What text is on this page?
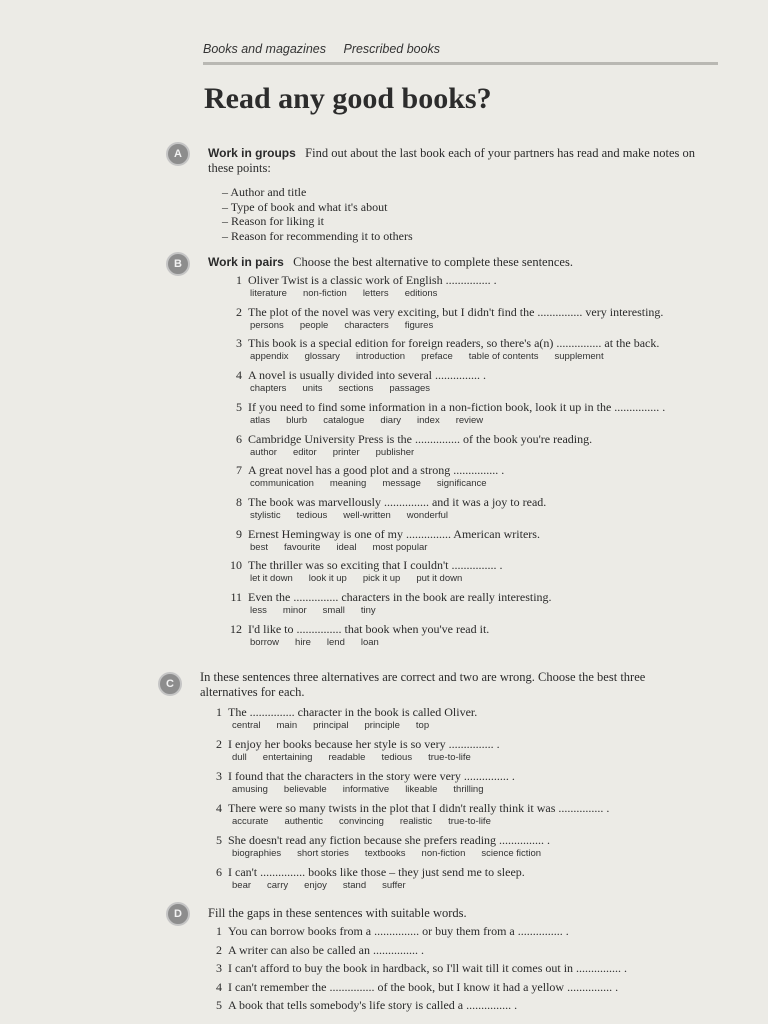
Books and magazines Prescribed books
Read any good books?
A	Work in groups Find out about the last book each of your partners has read and make notes on these points:
– Author and title
– Type of book and what it's about
– Reason for liking it
– Reason for recommending it to others
B	Work in pairs Choose the best alternative to complete these sentences.
1 Oliver Twist is a classic work of English ............... .
literature non-fiction letters editions
2 The plot of the novel was very exciting, but I didn't find the ............... very interesting.
persons people characters figures
3 This book is a special edition for foreign readers, so there's a(n) ............... at the back.
appendix glossary introduction preface table of contents supplement
4 A novel is usually divided into several ............... .
chapters units sections passages
5 If you need to find some information in a non-fiction book, look it up in the ............... .
atlas blurb catalogue diary index review
6 Cambridge University Press is the ............... of the book you're reading.
author editor printer publisher
7 A great novel has a good plot and a strong ............... .
communication meaning message significance
8 The book was marvellously ............... and it was a joy to read.
stylistic tedious well-written wonderful
9 Ernest Hemingway is one of my ............... American writers.
best favourite ideal most popular
10 The thriller was so exciting that I couldn't ............... .
let it down look it up pick it up put it down
11 Even the ............... characters in the book are really interesting.
less minor small tiny
12 I'd like to ............... that book when you've read it.
borrow hire lend loan
C	In these sentences three alternatives are correct and two are wrong. Choose the best three alternatives for each.
1 The ............... character in the book is called Oliver.
central main principal principle top
2 I enjoy her books because her style is so very ............... .
dull entertaining readable tedious true-to-life
3 I found that the characters in the story were very ............... .
amusing believable informative likeable thrilling
4 There were so many twists in the plot that I didn't really think it was ............... .
accurate authentic convincing realistic true-to-life
5 She doesn't read any fiction because she prefers reading ............... .
biographies short stories textbooks non-fiction science fiction
6 I can't ............... books like those – they just send me to sleep.
bear carry enjoy stand suffer
D	Fill the gaps in these sentences with suitable words.
1 You can borrow books from a ............... or buy them from a ............... .
2 A writer can also be called an ............... .
3 I can't afford to buy the book in hardback, so I'll wait till it comes out in ............... .
4 I can't remember the ............... of the book, but I know it had a yellow ............... .
5 A book that tells somebody's life story is called a ............... .
